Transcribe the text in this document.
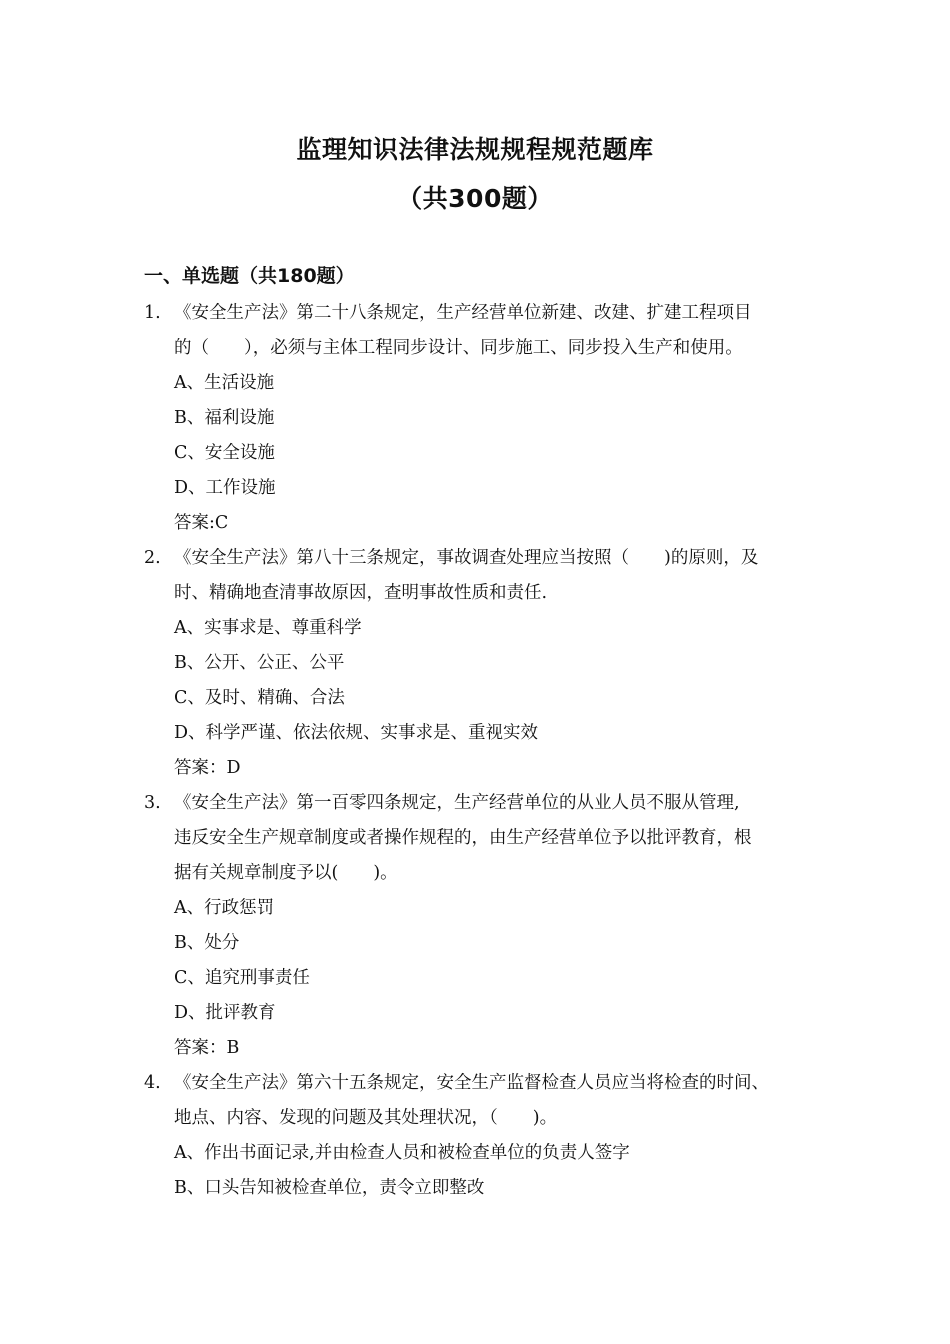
监理知识法律法规规程规范题库
（共300题）
一、单选题（共180题）
1. 《安全生产法》第二十八条规定，生产经营单位新建、改建、扩建工程项目
的（　　），必须与主体工程同步设计、同步施工、同步投入生产和使用。
A、生活设施
B、福利设施
C、安全设施
D、工作设施
答案:C
2. 《安全生产法》第八十三条规定，事故调查处理应当按照（　　)的原则，及
时、精确地查清事故原因，查明事故性质和责任.
A、实事求是、尊重科学
B、公开、公正、公平
C、及时、精确、合法
D、科学严谨、依法依规、实事求是、重视实效
答案：D
3. 《安全生产法》第一百零四条规定，生产经营单位的从业人员不服从管理,
违反安全生产规章制度或者操作规程的，由生产经营单位予以批评教育，根
据有关规章制度予以(　　)。
A、行政惩罚
B、处分
C、追究刑事责任
D、批评教育
答案：B
4. 《安全生产法》第六十五条规定，安全生产监督检查人员应当将检查的时间、
地点、内容、发现的问题及其处理状况，（　　)。
A、作出书面记录,并由检查人员和被检查单位的负责人签字
B、口头告知被检查单位，责令立即整改
